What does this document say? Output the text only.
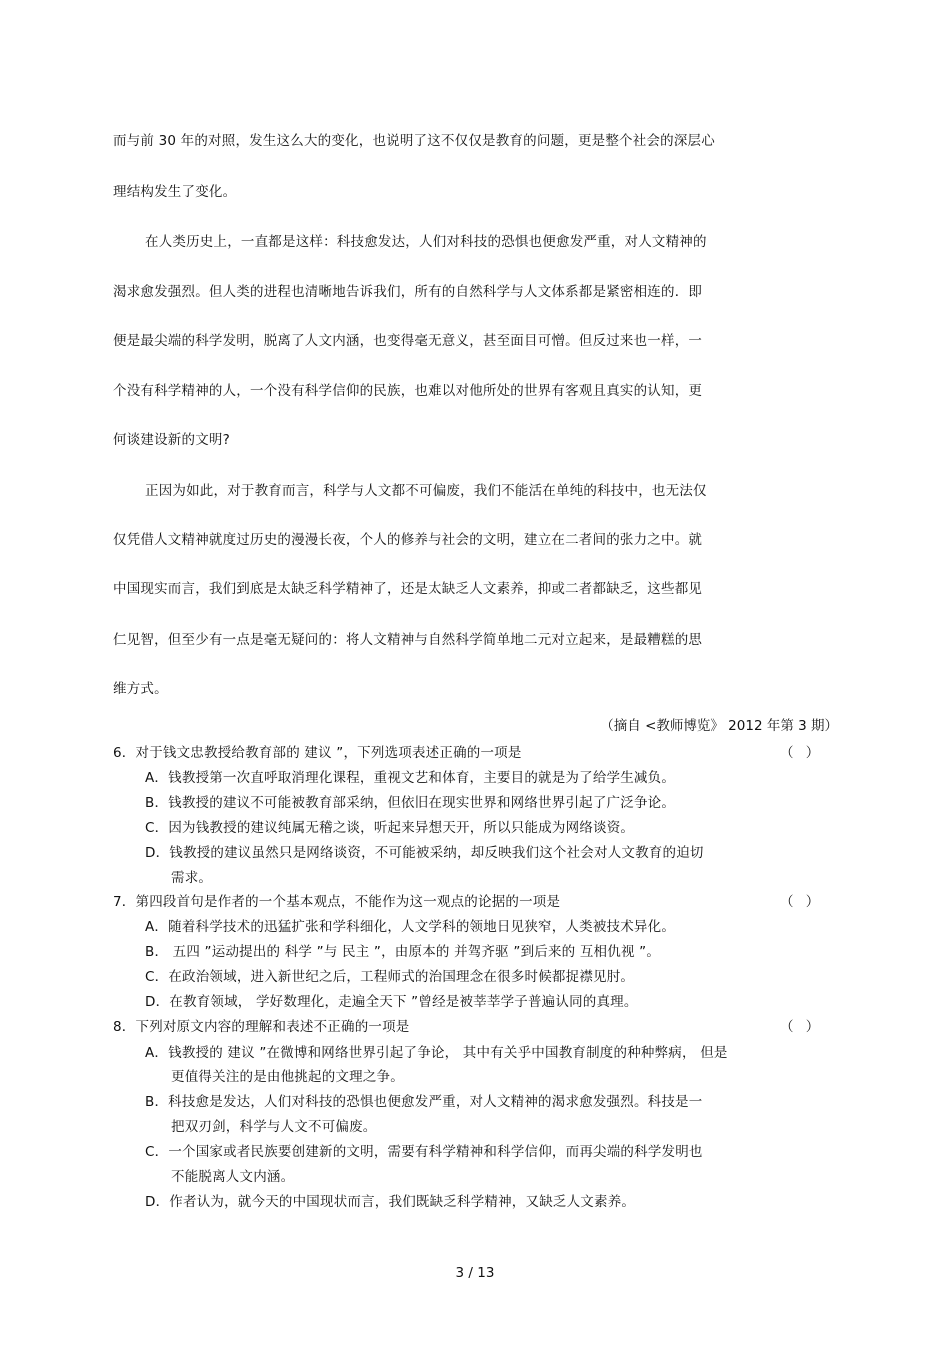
而与前 30 年的对照，发生这么大的变化，也说明了这不仅仅是教育的问题，更是整个社会的深层心
理结构发生了变化。
在人类历史上，一直都是这样：科技愈发达，人们对科技的恐惧也便愈发严重，对人文精神的
渴求愈发强烈。但人类的进程也清晰地告诉我们，所有的自然科学与人文体系都是紧密相连的．即
便是最尖端的科学发明，脱离了人文内涵，也变得毫无意义，甚至面目可憎。但反过来也一样，一
个没有科学精神的人，一个没有科学信仰的民族，也难以对他所处的世界有客观且真实的认知，更
何谈建设新的文明?
正因为如此，对于教育而言，科学与人文都不可偏废，我们不能活在单纯的科技中，也无法仅
仅凭借人文精神就度过历史的漫漫长夜，个人的修养与社会的文明，建立在二者间的张力之中。就
中国现实而言，我们到底是太缺乏科学精神了，还是太缺乏人文素养，抑或二者都缺乏，这些都见
仁见智，但至少有一点是毫无疑问的：将人文精神与自然科学简单地二元对立起来，是最糟糕的思
维方式。
（摘自 <教师博览》 2012 年第 3 期）
6．对于钱文忠教授给教育部的 建议 ”，下列选项表述正确的一项是	（ ）
A．钱教授第一次直呼取消理化课程，重视文艺和体育，主要目的就是为了给学生减负。
B．钱教授的建议不可能被教育部采纳，但依旧在现实世界和网络世界引起了广泛争论。
C．因为钱教授的建议纯属无稽之谈，听起来异想天开，所以只能成为网络谈资。
D．钱教授的建议虽然只是网络谈资，不可能被采纳，却反映我们这个社会对人文教育的迫切
需求。
7．第四段首句是作者的一个基本观点，不能作为这一观点的论据的一项是	（ ）
A．随着科学技术的迅猛扩张和学科细化，人文学科的领地日见狭窄，人类被技术异化。
B． 五四 ”运动提出的 科学 ”与 民主 ”，由原本的 并驾齐驱 ”到后来的 互相仇视 ”。
C．在政治领域，进入新世纪之后，工程师式的治国理念在很多时候都捉襟见肘。
D．在教育领域， 学好数理化，走遍全天下 ”曾经是被莘莘学子普遍认同的真理。
8．下列对原文内容的理解和表述不正确的一项是	（ ）
A．钱教授的 建议 ”在微博和网络世界引起了争论， 其中有关乎中国教育制度的种种弊病， 但是
更值得关注的是由他挑起的文理之争。
B．科技愈是发达，人们对科技的恐惧也便愈发严重，对人文精神的渴求愈发强烈。科技是一
把双刃剑，科学与人文不可偏废。
C．一个国家或者民族要创建新的文明，需要有科学精神和科学信仰，而再尖端的科学发明也
不能脱离人文内涵。
D．作者认为，就今天的中国现状而言，我们既缺乏科学精神，又缺乏人文素养。
3 / 13
